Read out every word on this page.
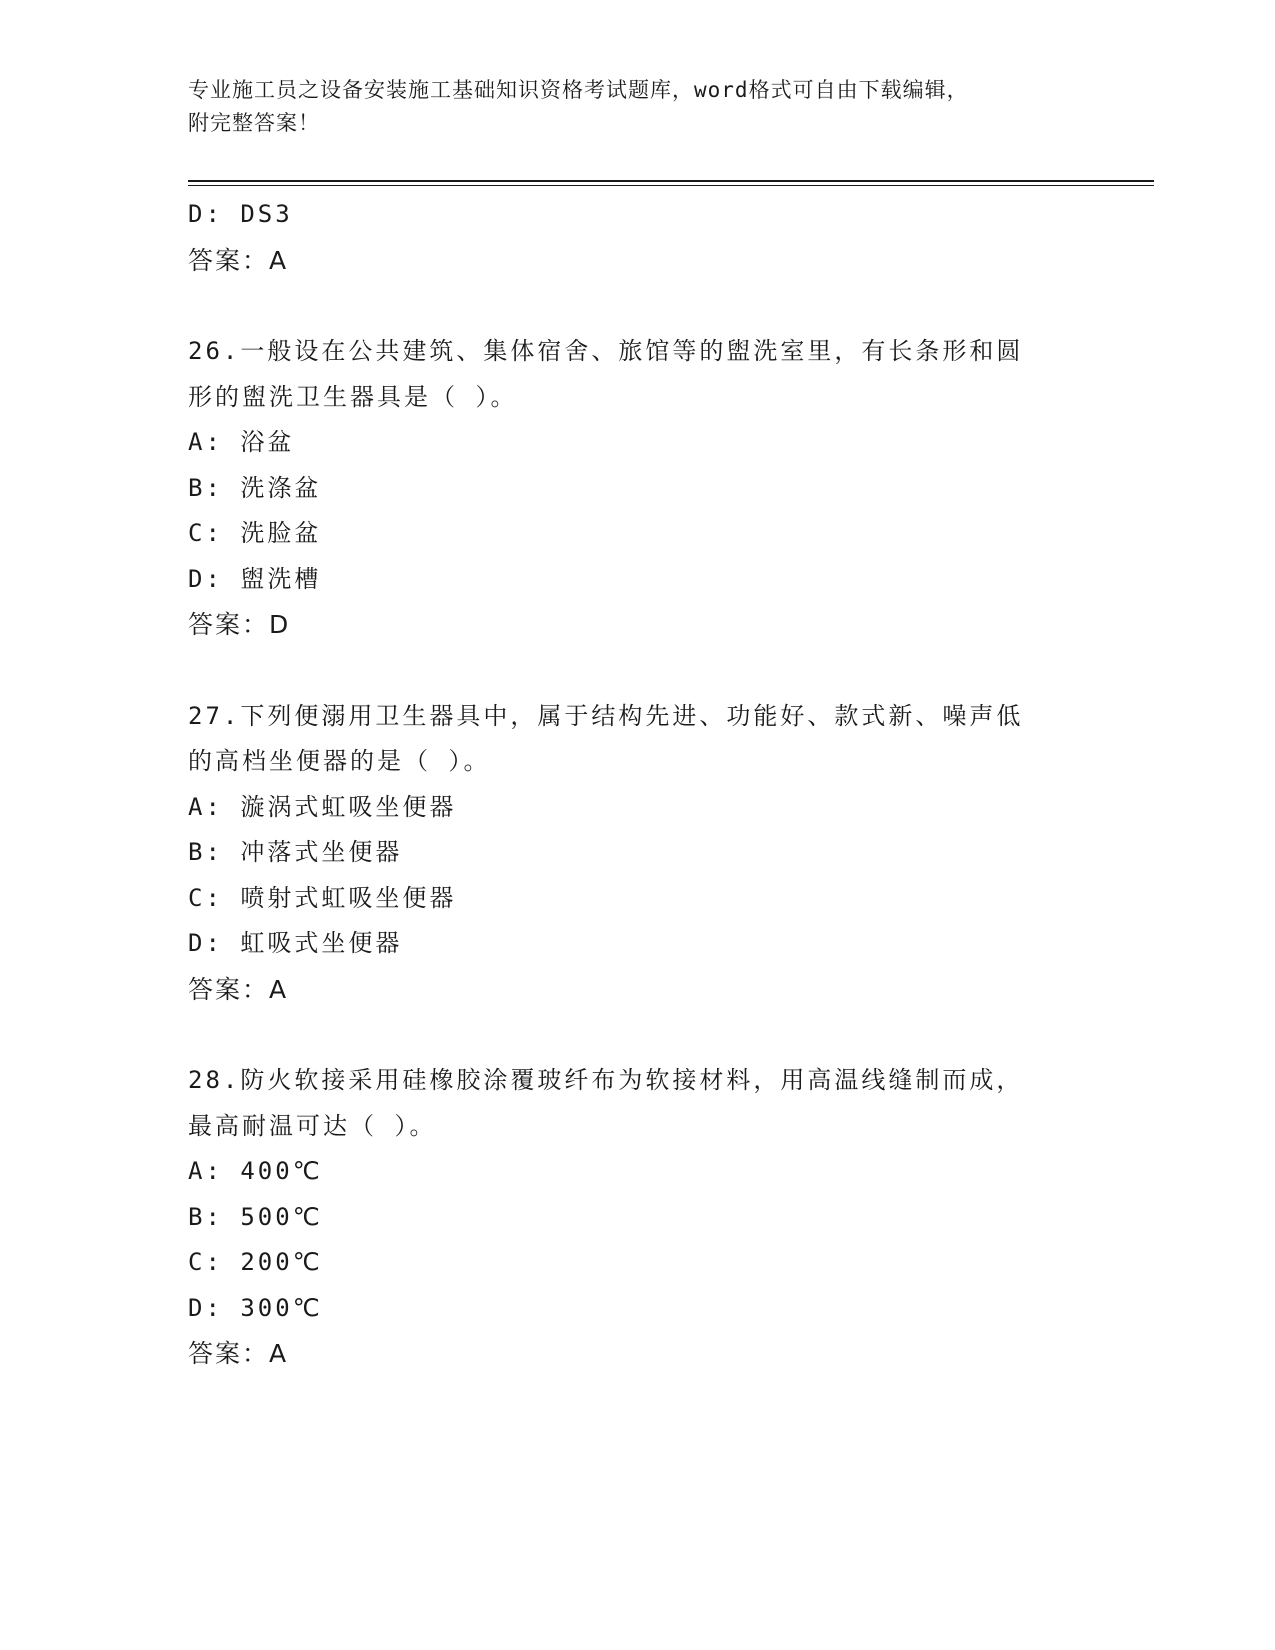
专业施工员之设备安装施工基础知识资格考试题库，word格式可自由下载编辑，
附完整答案！
D: DS3
答案：A
26.一般设在公共建筑、集体宿舍、旅馆等的盥洗室里，有长条形和圆
形的盥洗卫生器具是（ ）。
A: 浴盆
B: 洗涤盆
C: 洗脸盆
D: 盥洗槽
答案：D
27.下列便溺用卫生器具中，属于结构先进、功能好、款式新、噪声低
的高档坐便器的是（ ）。
A: 漩涡式虹吸坐便器
B: 冲落式坐便器
C: 喷射式虹吸坐便器
D: 虹吸式坐便器
答案：A
28.防火软接采用硅橡胶涂覆玻纤布为软接材料，用高温线缝制而成，
最高耐温可达（ ）。
A: 400℃
B: 500℃
C: 200℃
D: 300℃
答案：A
